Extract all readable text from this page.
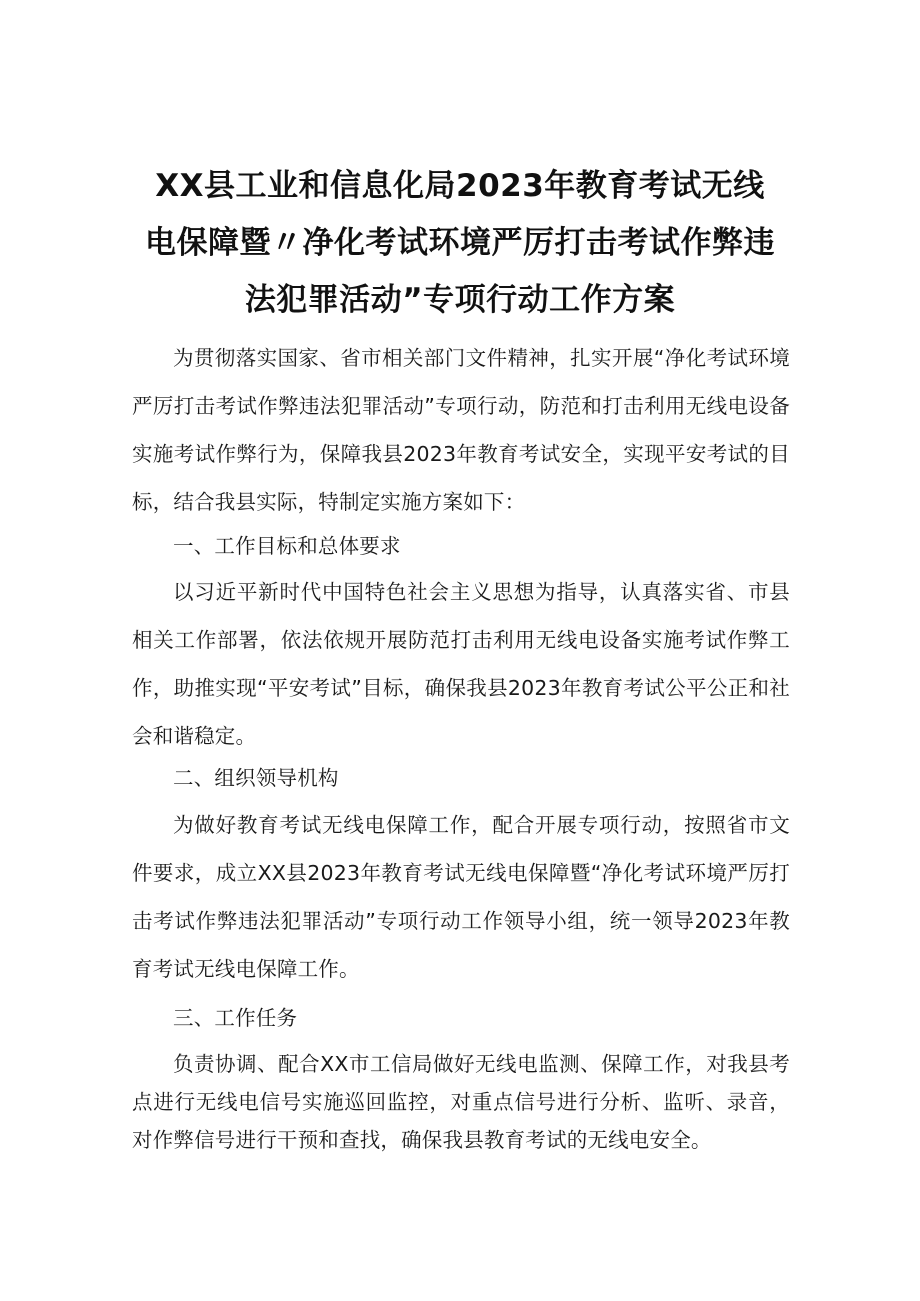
XX县工业和信息化局2023年教育考试无线
电保障暨〃净化考试环境严厉打击考试作弊违
法犯罪活动”专项行动工作方案

为贯彻落实国家、省市相关部门文件精神，扎实开展“净化考试环境严厉打击考试作弊违法犯罪活动”专项行动，防范和打击利用无线电设备实施考试作弊行为，保障我县2023年教育考试安全，实现平安考试的目标，结合我县实际，特制定实施方案如下：

一、工作目标和总体要求

以习近平新时代中国特色社会主义思想为指导，认真落实省、市县相关工作部署，依法依规开展防范打击利用无线电设备实施考试作弊工作，助推实现“平安考试”目标，确保我县2023年教育考试公平公正和社会和谐稳定。

二、组织领导机构

为做好教育考试无线电保障工作，配合开展专项行动，按照省市文件要求，成立XX县2023年教育考试无线电保障暨“净化考试环境严厉打击考试作弊违法犯罪活动”专项行动工作领导小组，统一领导2023年教育考试无线电保障工作。

三、工作任务

负责协调、配合XX市工信局做好无线电监测、保障工作，对我县考点进行无线电信号实施巡回监控，对重点信号进行分析、监听、录音，对作弊信号进行干预和查找，确保我县教育考试的无线电安全。
